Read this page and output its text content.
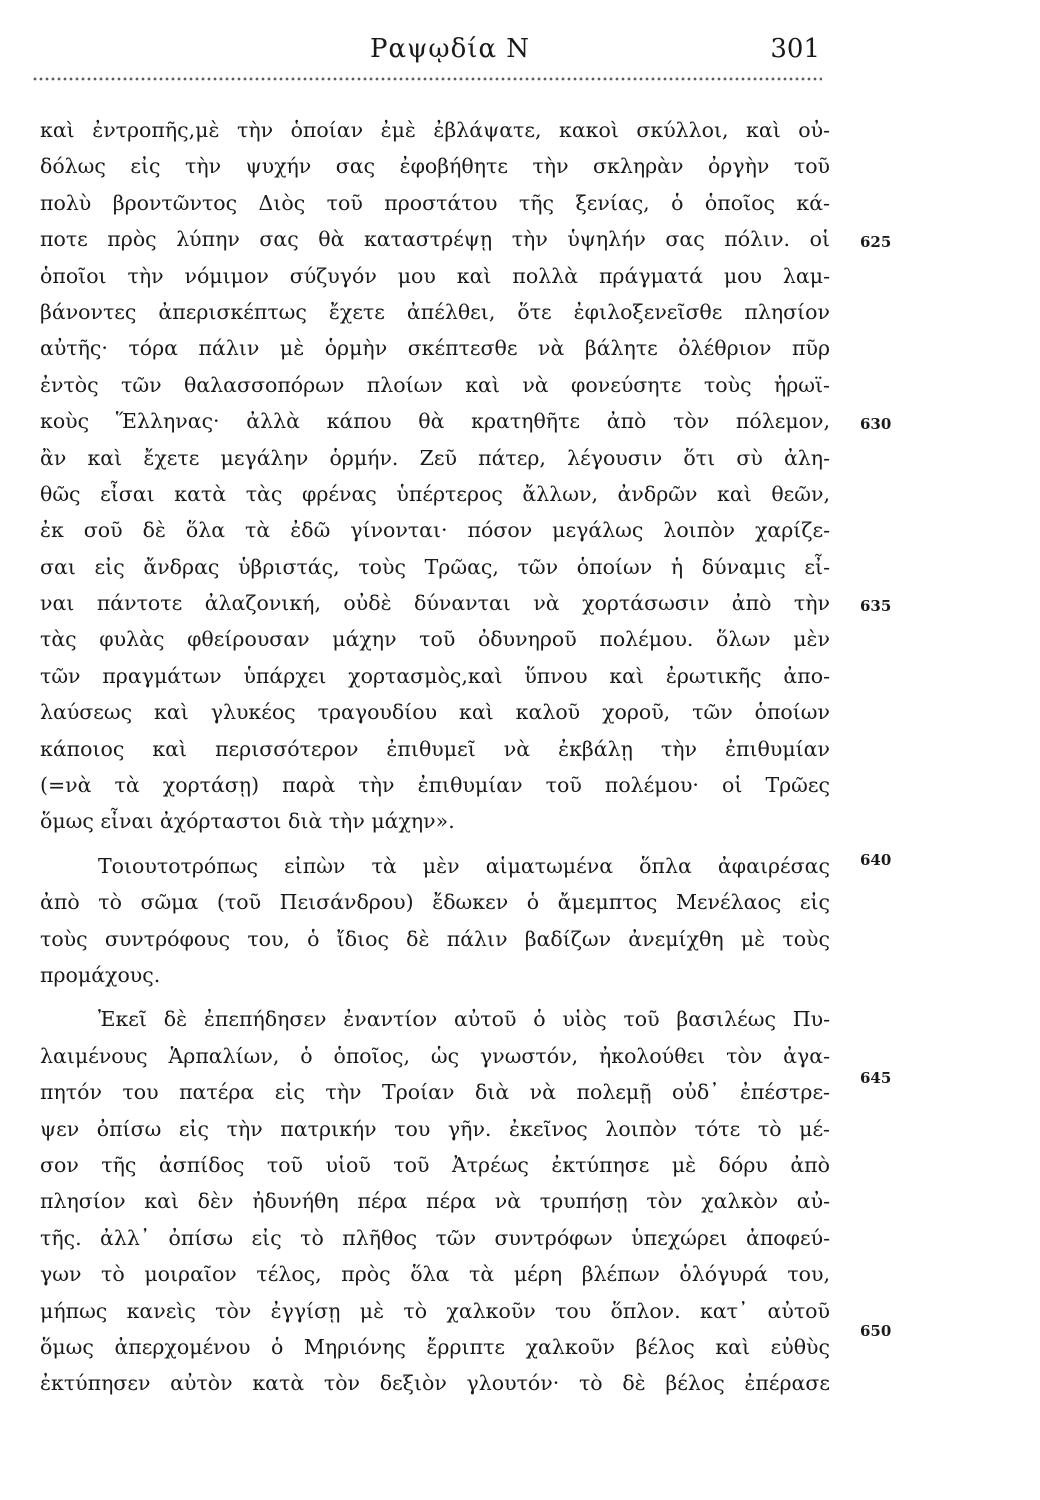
Ραψῳδία Ν	301
καὶ ἐντροπῆς,μὲ τὴν ὁποίαν ἐμὲ ἐβλάψατε, κακοὶ σκύλλοι, καὶ οὐ-
δόλως εἰς τὴν ψυχήν σας ἐφοβήθητε τὴν σκληρὰν ὀργὴν τοῦ
πολὺ βροντῶντος Διὸς τοῦ προστάτου τῆς ξενίας, ὁ ὁποῖος κά-
ποτε πρὸς λύπην σας θὰ καταστρέψῃ τὴν ὑψηλήν σας πόλιν. οἱ
ὁποῖοι τὴν νόμιμον σύζυγόν μου καὶ πολλὰ πράγματά μου λαμ-
βάνοντες ἀπερισκέπτως ἔχετε ἀπέλθει, ὅτε ἐφιλοξενεῖσθε πλησίον
αὐτῆς· τόρα πάλιν μὲ ὁρμὴν σκέπτεσθε νὰ βάλητε ὀλέθριον πῦρ
ἐντὸς τῶν θαλασσοπόρων πλοίων καὶ νὰ φονεύσητε τοὺς ἡρωϊ-
κοὺς Ἕλληνας· ἀλλὰ κάπου θὰ κρατηθῆτε ἀπὸ τὸν πόλεμον,
ἂν καὶ ἔχετε μεγάλην ὁρμήν. Ζεῦ πάτερ, λέγουσιν ὅτι σὺ ἀλη-
θῶς εἶσαι κατὰ τὰς φρένας ὑπέρτερος ἄλλων, ἀνδρῶν καὶ θεῶν,
ἐκ σοῦ δὲ ὅλα τὰ ἐδῶ γίνονται· πόσον μεγάλως λοιπὸν χαρίζε-
σαι εἰς ἄνδρας ὑβριστάς, τοὺς Τρῶας, τῶν ὁποίων ἡ δύναμις εἶ-
ναι πάντοτε ἀλαζονική, οὐδὲ δύνανται νὰ χορτάσωσιν ἀπὸ τὴν
τὰς φυλὰς φθείρουσαν μάχην τοῦ ὀδυνηροῦ πολέμου. ὅλων μὲν
τῶν πραγμάτων ὑπάρχει χορτασμὸς,καὶ ὕπνου καὶ ἐρωτικῆς ἀπο-
λαύσεως καὶ γλυκέος τραγουδίου καὶ καλοῦ χοροῦ, τῶν ὁποίων
κάποιος καὶ περισσότερον ἐπιθυμεῖ νὰ ἐκβάλῃ τὴν ἐπιθυμίαν
(=νὰ τὰ χορτάσῃ) παρὰ τὴν ἐπιθυμίαν τοῦ πολέμου· οἱ Τρῶες
ὅμως εἶναι ἀχόρταστοι διὰ τὴν μάχην».
Τοιουτοτρόπως εἰπὼν τὰ μὲν αἱματωμένα ὅπλα ἀφαιρέσας
ἀπὸ τὸ σῶμα (τοῦ Πεισάνδρου) ἔδωκεν ὁ ἄμεμπτος Μενέλαος εἰς
τοὺς συντρόφους του, ὁ ἴδιος δὲ πάλιν βαδίζων ἀνεμίχθη μὲ τοὺς
προμάχους.
Ἐκεῖ δὲ ἐπεπήδησεν ἐναντίον αὐτοῦ ὁ υἱὸς τοῦ βασιλέως Πυ-
λαιμένους Ἁρπαλίων, ὁ ὁποῖος, ὡς γνωστόν, ἠκολούθει τὸν ἀγα-
πητόν του πατέρα εἰς τὴν Τροίαν διὰ νὰ πολεμῇ οὐδ᾽ ἐπέστρε-
ψεν ὀπίσω εἰς τὴν πατρικήν του γῆν. ἐκεῖνος λοιπὸν τότε τὸ μέ-
σον τῆς ἀσπίδος τοῦ υἱοῦ τοῦ Ἀτρέως ἐκτύπησε μὲ δόρυ ἀπὸ
πλησίον καὶ δὲν ἠδυνήθη πέρα πέρα νὰ τρυπήσῃ τὸν χαλκὸν αὐ-
τῆς. ἀλλ᾽ ὀπίσω εἰς τὸ πλῆθος τῶν συντρόφων ὑπεχώρει ἀποφεύ-
γων τὸ μοιραῖον τέλος, πρὸς ὅλα τὰ μέρη βλέπων ὁλόγυρά του,
μήπως κανεὶς τὸν ἐγγίσῃ μὲ τὸ χαλκοῦν του ὅπλον. κατ᾽ αὐτοῦ
ὅμως ἀπερχομένου ὁ Μηριόνης ἔρριπτε χαλκοῦν βέλος καὶ εὐθὺς
ἐκτύπησεν αὐτὸν κατὰ τὸν δεξιὸν γλουτόν· τὸ δὲ βέλος ἐπέρασε
625
630
635
640
645
650
